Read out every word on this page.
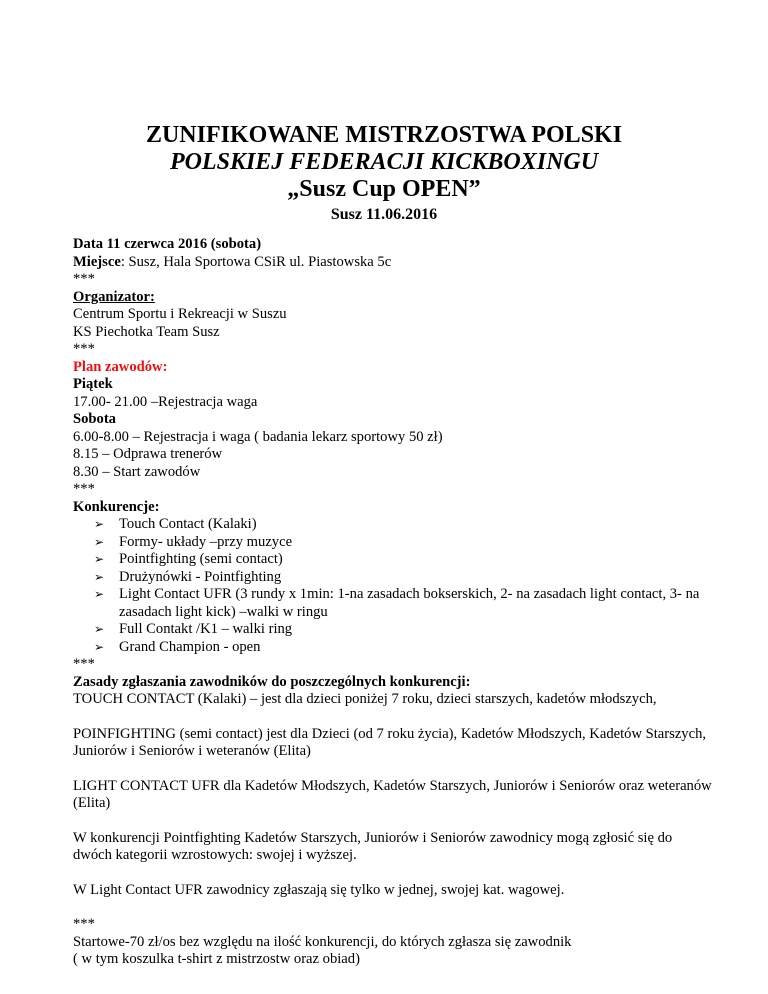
ZUNIFIKOWANE MISTRZOSTWA POLSKI

POLSKIEJ FEDERACJI KICKBOXINGU

„Susz Cup OPEN”

Susz 11.06.2016

Data 11 czerwca 2016 (sobota)
Miejsce: Susz, Hala Sportowa CSiR ul. Piastowska 5c
***
Organizator:
Centrum Sportu i Rekreacji w Suszu
KS Piechotka Team Susz
***
Plan zawodów:
Piątek
17.00- 21.00 –Rejestracja waga
Sobota
6.00-8.00 – Rejestracja i waga ( badania lekarz sportowy 50 zł)
8.15 – Odprawa trenerów
8.30 – Start zawodów
***
Konkurencje:
➢ Touch Contact (Kalaki)
➢ Formy- układy –przy muzyce
➢ Pointfighting (semi contact)
➢ Drużynówki - Pointfighting
➢ Light Contact UFR (3 rundy x 1min: 1-na zasadach bokserskich, 2- na zasadach light contact, 3- na zasadach light kick) –walki w ringu
➢ Full Contakt /K1 – walki ring
➢ Grand Champion - open
***
Zasady zgłaszania zawodników do poszczególnych konkurencji:
TOUCH CONTACT (Kalaki) – jest dla dzieci poniżej 7 roku, dzieci starszych, kadetów młodszych,
POINFIGHTING (semi contact) jest dla Dzieci (od 7 roku życia), Kadetów Młodszych, Kadetów Starszych, Juniorów i Seniorów i weteranów (Elita)
LIGHT CONTACT UFR dla Kadetów Młodszych, Kadetów Starszych, Juniorów i Seniorów oraz weteranów (Elita)
W konkurencji Pointfighting Kadetów Starszych, Juniorów i Seniorów zawodnicy mogą zgłosić się do dwóch kategorii wzrostowych: swojej i wyższej.
W Light Contact UFR zawodnicy zgłaszają się tylko w jednej, swojej kat. wagowej.
***
Startowe-70 zł/os bez względu na ilość konkurencji, do których zgłasza się zawodnik
( w tym koszulka t-shirt z mistrzostw oraz obiad)
